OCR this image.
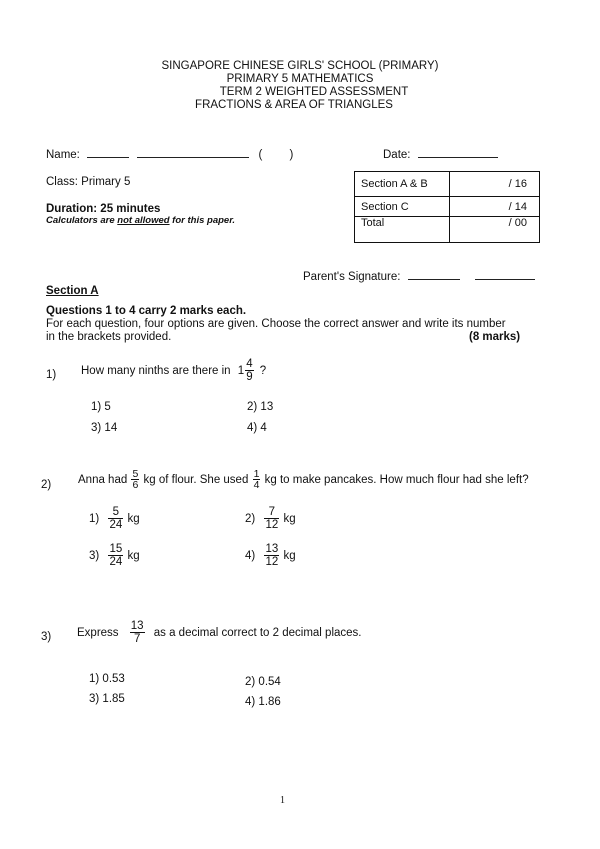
SINGAPORE CHINESE GIRLS' SCHOOL (PRIMARY)
PRIMARY 5 MATHEMATICS
TERM 2 WEIGHTED ASSESSMENT
FRACTIONS & AREA OF TRIANGLES
Name:	( )	Date:
Class: Primary 5
Duration: 25 minutes
Calculators are not allowed for this paper.
Section A & B	/ 16
Section C	/ 14
Total	/ 00
Parent's Signature:
Section A
Questions 1 to 4 carry 2 marks each.
For each question, four options are given. Choose the correct answer and write its number
in the brackets provided.	(8 marks)
1) How many ninths are there in $1 \frac{4}{9}$ ?
1) 5	2) 13
3) 14	4) 4
2) Anna had $\frac{5}{6}$ kg of flour. She used $\frac{1}{4}$ kg to make pancakes. How much flour had she left?
$1) \frac{5}{24}$ kg	$2) \frac{7}{12}$ kg
$3) \frac{15}{24}$ kg	$4) \frac{13}{12}$ kg
3) Express $\frac{13}{7}$ as a decimal correct to 2 decimal places.
1) 0.53	2) 0.54
3) 1.85	4) 1.86
1
